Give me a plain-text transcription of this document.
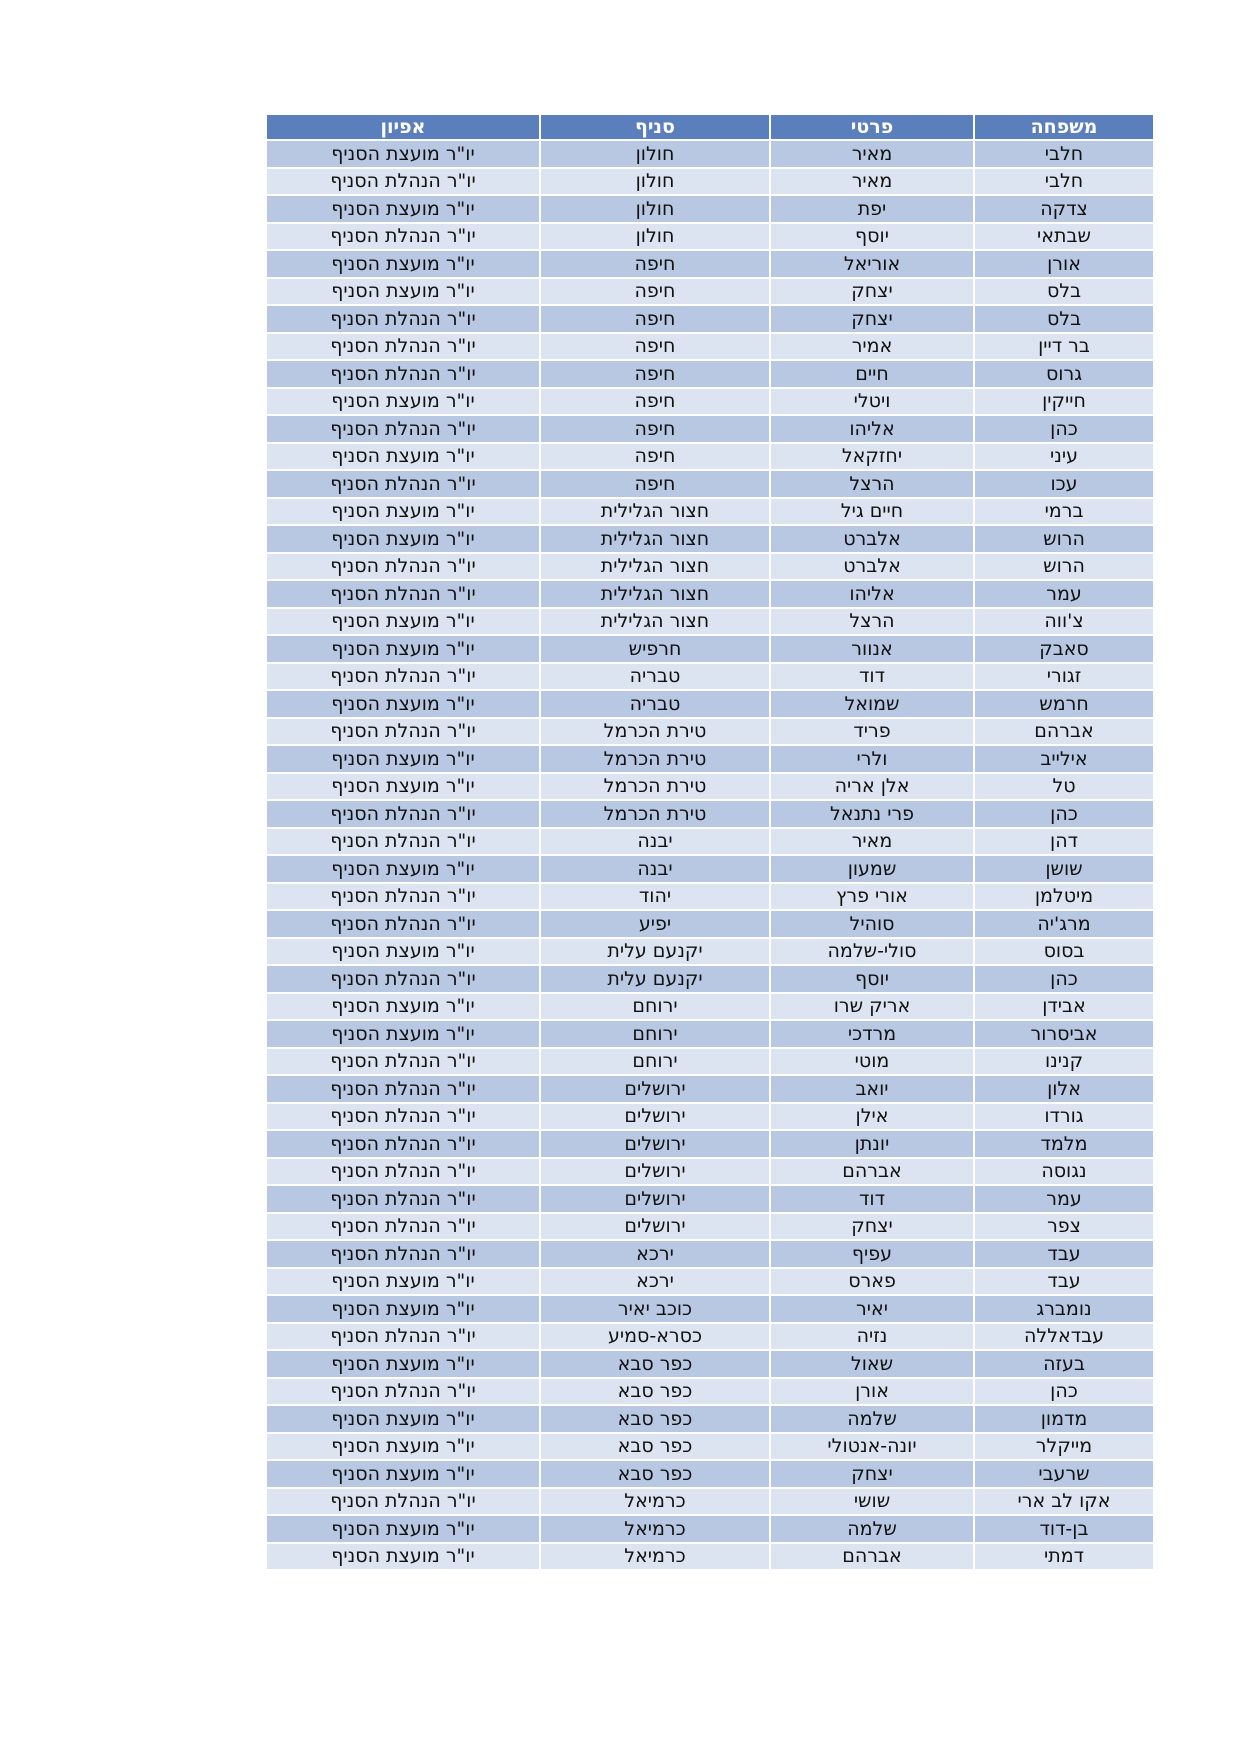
משפחה	פרטי	סניף	אפיון
חלבי	מאיר	חולון	יו"ר מועצת הסניף
חלבי	מאיר	חולון	יו"ר הנהלת הסניף
צדקה	יפת	חולון	יו"ר מועצת הסניף
שבתאי	יוסף	חולון	יו"ר הנהלת הסניף
אורן	אוריאל	חיפה	יו"ר מועצת הסניף
בלס	יצחק	חיפה	יו"ר מועצת הסניף
בלס	יצחק	חיפה	יו"ר הנהלת הסניף
בר דיין	אמיר	חיפה	יו"ר הנהלת הסניף
גרוס	חיים	חיפה	יו"ר הנהלת הסניף
חייקין	ויטלי	חיפה	יו"ר מועצת הסניף
כהן	אליהו	חיפה	יו"ר הנהלת הסניף
עיני	יחזקאל	חיפה	יו"ר מועצת הסניף
עכו	הרצל	חיפה	יו"ר הנהלת הסניף
ברמי	חיים גיל	חצור הגלילית	יו"ר מועצת הסניף
הרוש	אלברט	חצור הגלילית	יו"ר מועצת הסניף
הרוש	אלברט	חצור הגלילית	יו"ר הנהלת הסניף
עמר	אליהו	חצור הגלילית	יו"ר הנהלת הסניף
צ'ווה	הרצל	חצור הגלילית	יו"ר מועצת הסניף
סאבק	אנוור	חרפיש	יו"ר מועצת הסניף
זגורי	דוד	טבריה	יו"ר הנהלת הסניף
חרמש	שמואל	טבריה	יו"ר מועצת הסניף
אברהם	פריד	טירת הכרמל	יו"ר הנהלת הסניף
אילייב	ולרי	טירת הכרמל	יו"ר מועצת הסניף
טל	אלן אריה	טירת הכרמל	יו"ר מועצת הסניף
כהן	פרי נתנאל	טירת הכרמל	יו"ר הנהלת הסניף
דהן	מאיר	יבנה	יו"ר הנהלת הסניף
שושן	שמעון	יבנה	יו"ר מועצת הסניף
מיטלמן	אורי פרץ	יהוד	יו"ר הנהלת הסניף
מרג'יה	סוהיל	יפיע	יו"ר הנהלת הסניף
בסוס	סולי-שלמה	יקנעם עלית	יו"ר מועצת הסניף
כהן	יוסף	יקנעם עלית	יו"ר הנהלת הסניף
אבידן	אריק שרו	ירוחם	יו"ר מועצת הסניף
אביסרור	מרדכי	ירוחם	יו"ר מועצת הסניף
קנינו	מוטי	ירוחם	יו"ר הנהלת הסניף
אלון	יואב	ירושלים	יו"ר הנהלת הסניף
גורדו	אילן	ירושלים	יו"ר הנהלת הסניף
מלמד	יונתן	ירושלים	יו"ר הנהלת הסניף
נגוסה	אברהם	ירושלים	יו"ר הנהלת הסניף
עמר	דוד	ירושלים	יו"ר הנהלת הסניף
צפר	יצחק	ירושלים	יו"ר הנהלת הסניף
עבד	עפיף	ירכא	יו"ר הנהלת הסניף
עבד	פארס	ירכא	יו"ר מועצת הסניף
נומברג	יאיר	כוכב יאיר	יו"ר מועצת הסניף
עבדאללה	נזיה	כסרא-סמיע	יו"ר הנהלת הסניף
בעזה	שאול	כפר סבא	יו"ר מועצת הסניף
כהן	אורן	כפר סבא	יו"ר הנהלת הסניף
מדמון	שלמה	כפר סבא	יו"ר מועצת הסניף
מייקלר	יונה-אנטולי	כפר סבא	יו"ר מועצת הסניף
שרעבי	יצחק	כפר סבא	יו"ר מועצת הסניף
אקו לב ארי	שושי	כרמיאל	יו"ר הנהלת הסניף
בן-דוד	שלמה	כרמיאל	יו"ר מועצת הסניף
דמתי	אברהם	כרמיאל	יו"ר מועצת הסניף
